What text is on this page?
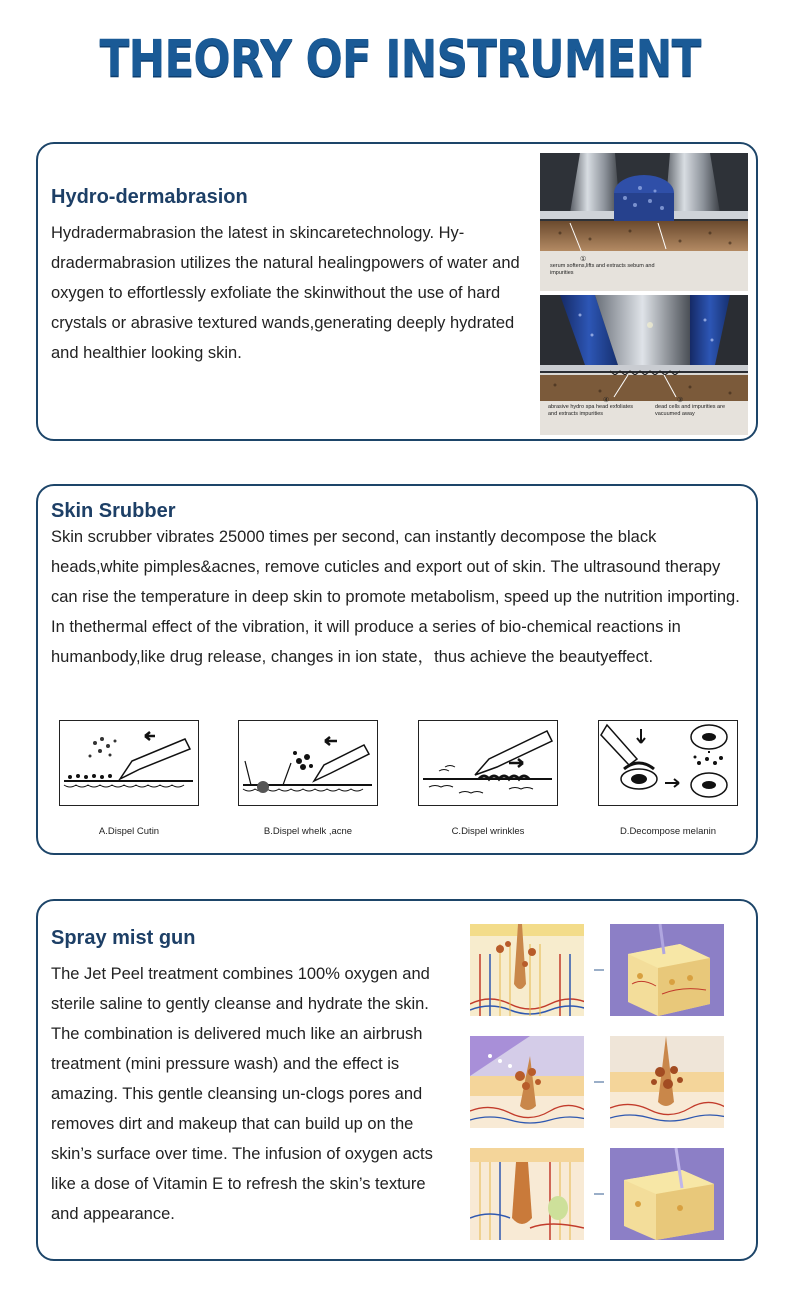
THEORY OF INSTRUMENT
Hydro-dermabrasion

Hydradermabrasion the latest in skincaretechnology. Hy-dradermabrasion utilizes the natural healingpowers of water and oxygen to effortlessly exfoliate the skinwithout the use of hard crystals or abrasive textured wands,generating deeply hydrated and healthier looking skin.

①
serum softens,lifts and extracts sebum and impurities
④
abrasive hydro spa head exfoliates and extracts impurities
③
dead cells and impurities are vacuumed away
Skin Srubber

Skin scrubber vibrates 25000 times per second, can instantly decompose the black heads,white pimples&acnes, remove cuticles and export out of skin. The ultrasound therapy can rise the temperature in deep skin to promote metabolism, speed up the nutrition importing. In thethermal effect of the vibration, it will produce a series of bio-chemical reactions in humanbody,like drug release, changes in ion state，thus achieve the beautyeffect.

A.Dispel Cutin	B.Dispel whelk ,acne	C.Dispel wrinkles	D.Decompose melanin
Spray mist gun

The Jet Peel treatment combines 100% oxygen and sterile saline to gently cleanse and hydrate the skin. The combination is delivered much like an airbrush treatment (mini pressure wash) and the effect is amazing. This gentle cleansing un-clogs pores and removes dirt and makeup that can build up on the skin’s surface over time. The infusion of oxygen acts like a dose of Vitamin E to refresh the skin’s texture and appearance.
